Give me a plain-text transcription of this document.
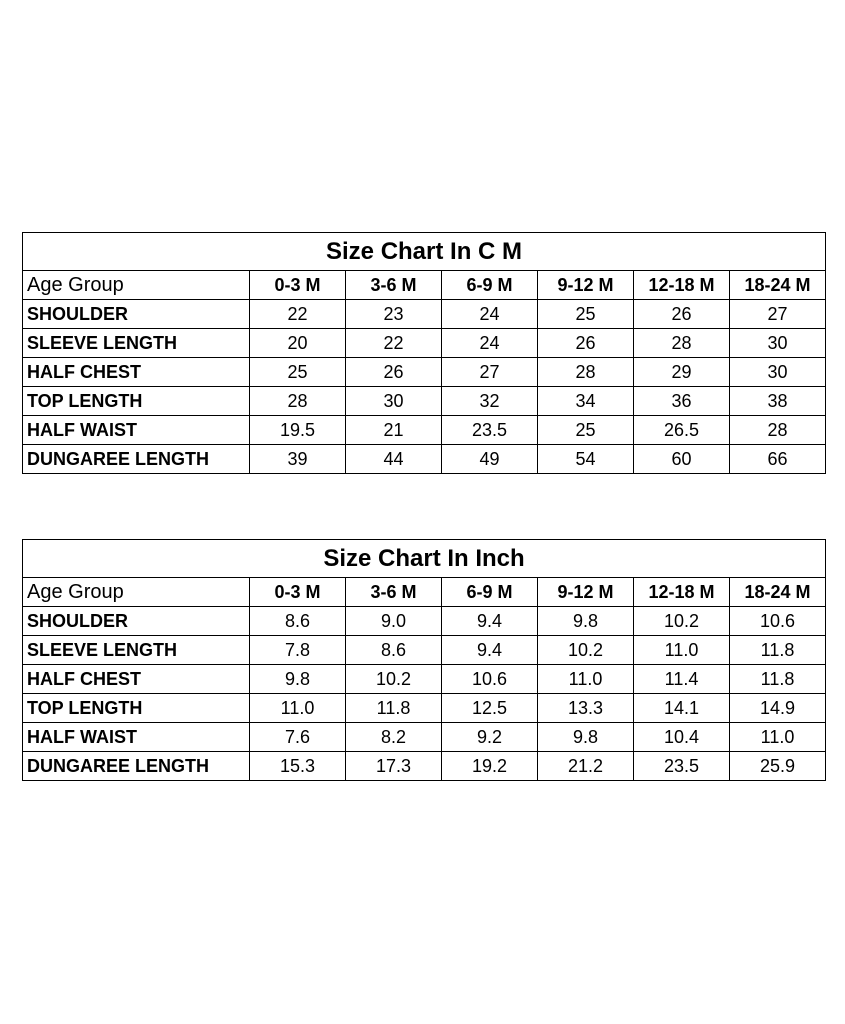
Size Chart In C M						
Age Group	0-3 M	3-6 M	6-9 M	9-12 M	12-18 M	18-24 M
SHOULDER	22	23	24	25	26	27
SLEEVE LENGTH	20	22	24	26	28	30
HALF CHEST	25	26	27	28	29	30
TOP LENGTH	28	30	32	34	36	38
HALF WAIST	19.5	21	23.5	25	26.5	28
DUNGAREE LENGTH	39	44	49	54	60	66
Size Chart In Inch						
Age Group	0-3 M	3-6 M	6-9 M	9-12 M	12-18 M	18-24 M
SHOULDER	8.6	9.0	9.4	9.8	10.2	10.6
SLEEVE LENGTH	7.8	8.6	9.4	10.2	11.0	11.8
HALF CHEST	9.8	10.2	10.6	11.0	11.4	11.8
TOP LENGTH	11.0	11.8	12.5	13.3	14.1	14.9
HALF WAIST	7.6	8.2	9.2	9.8	10.4	11.0
DUNGAREE LENGTH	15.3	17.3	19.2	21.2	23.5	25.9
